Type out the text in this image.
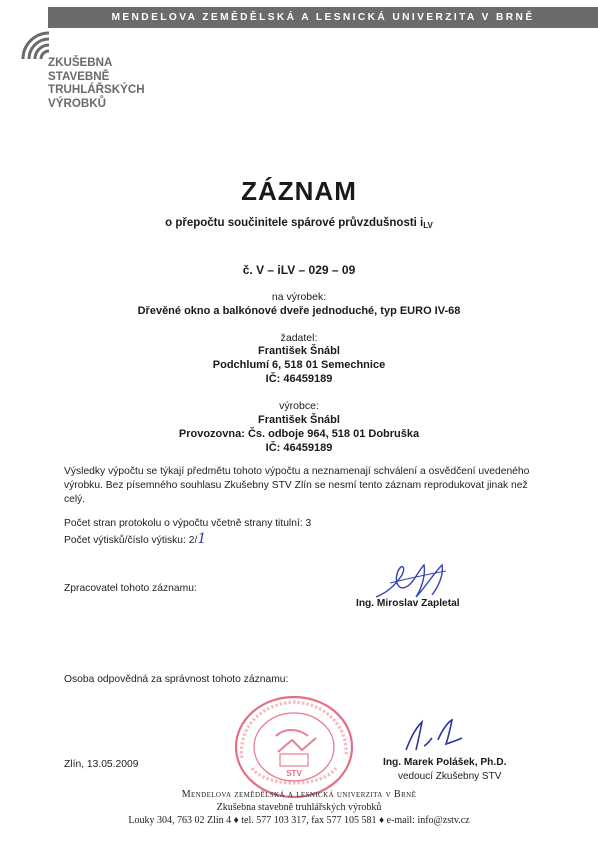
MENDELOVA ZEMĚDĚLSKÁ A LESNICKÁ UNIVERZITA V BRNĚ
ZKUŠEBNA
STAVEBNĚ
TRUHLÁŘSKÝCH
VÝROBKŮ
ZÁZNAM
o přepočtu součinitele spárové průvzdušnosti $i_{LV}$
č. V – iLV – 029 – 09
na výrobek:
Dřevěné okno a balkónové dveře jednoduché, typ EURO IV-68
žadatel:
František Šnábl
Podchlumí 6, 518 01 Semechnice
IČ: 46459189
výrobce:
František Šnábl
Provozovna: Čs. odboje 964, 518 01 Dobruška
IČ: 46459189
Výsledky výpočtu se týkají předmětu tohoto výpočtu a neznamenají schválení a osvědčení uvedeného výrobku. Bez písemného souhlasu Zkušebny STV Zlín se nesmí tento záznam reprodukovat jinak než celý.
Počet stran protokolu o výpočtu včetně strany titulní: 3
Počet výtisků/číslo výtisku: 2/1
Zpracovatel tohoto záznamu:
Ing. Miroslav Zapletal
Osoba odpovědná za správnost tohoto záznamu:
STV
Ing. Marek Polášek, Ph.D.
vedoucí Zkušebny STV
Zlín, 13.05.2009
Mendelova zemědělská a lesnická univerzita v Brně
Zkušebna stavebně truhlářských výrobků
Louky 304, 763 02 Zlín 4 ♦ tel. 577 103 317, fax 577 105 581 ♦ e-mail: info@zstv.cz
